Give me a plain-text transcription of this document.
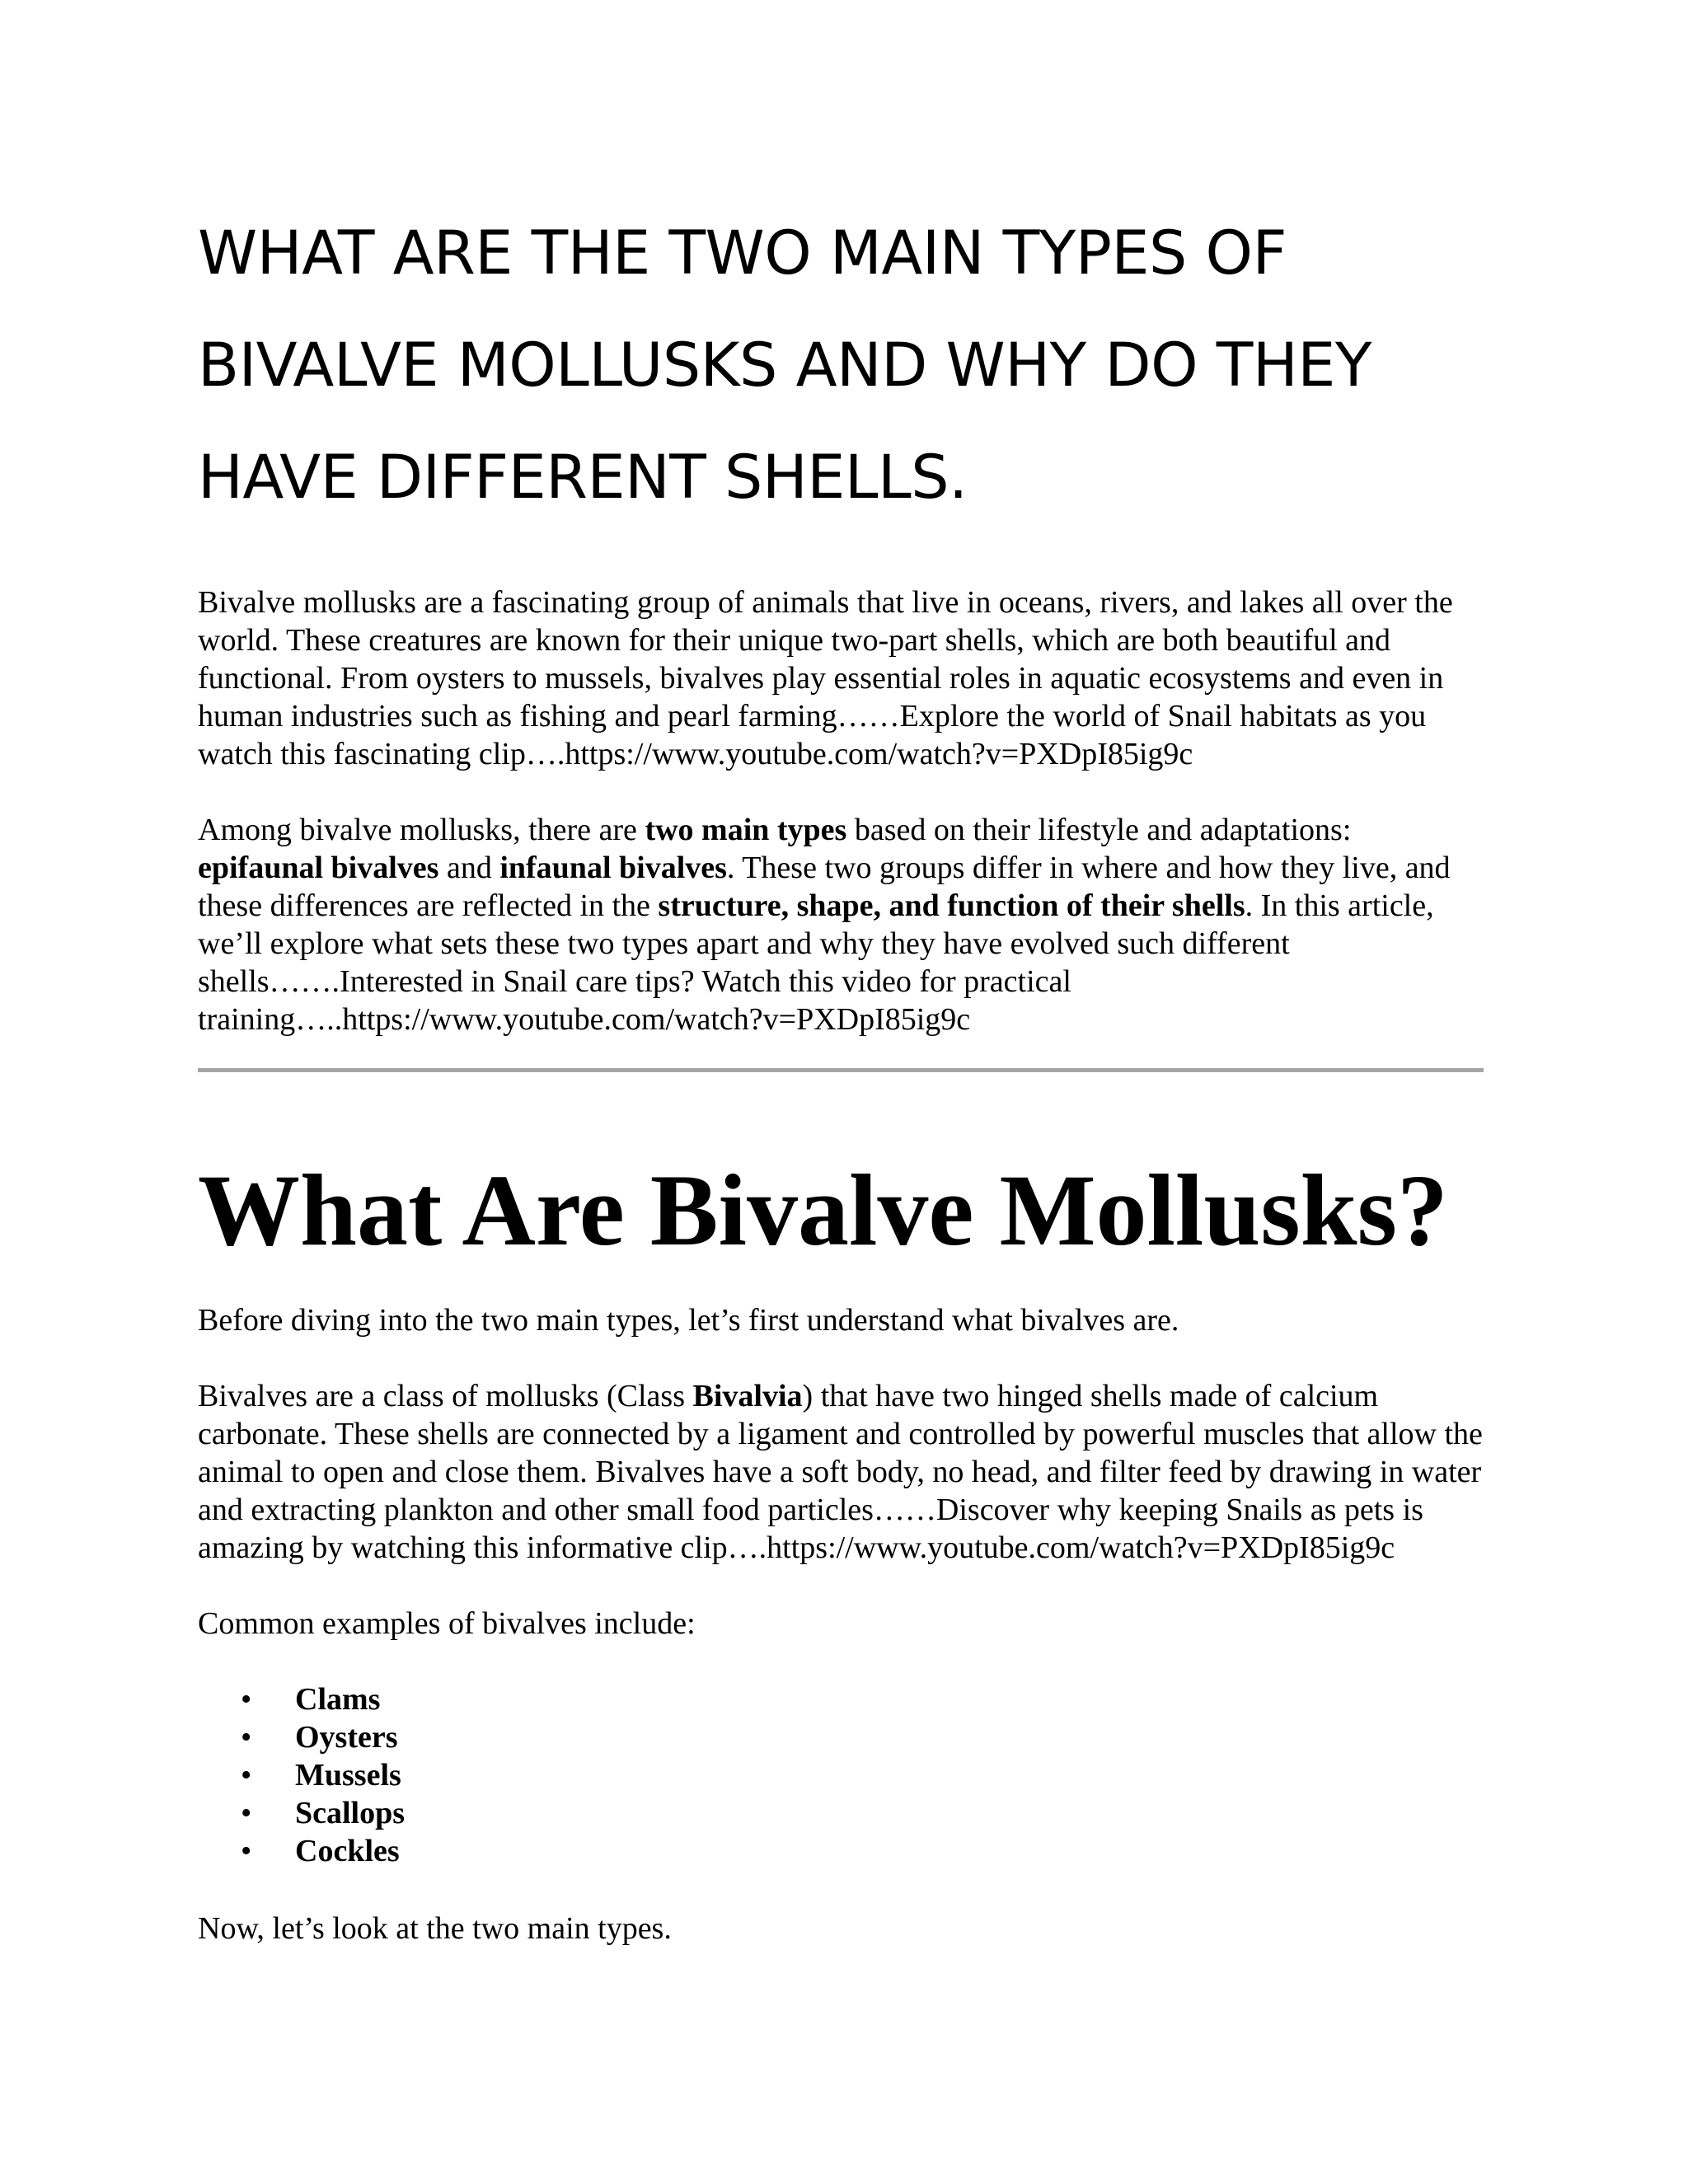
WHAT ARE THE TWO MAIN TYPES OF
BIVALVE MOLLUSKS AND WHY DO THEY
HAVE DIFFERENT SHELLS.

Bivalve mollusks are a fascinating group of animals that live in oceans, rivers, and lakes all over the world. These creatures are known for their unique two-part shells, which are both beautiful and functional. From oysters to mussels, bivalves play essential roles in aquatic ecosystems and even in human industries such as fishing and pearl farming……Explore the world of Snail habitats as you watch this fascinating clip….https://www.youtube.com/watch?v=PXDpI85ig9c

Among bivalve mollusks, there are two main types based on their lifestyle and adaptations: epifaunal bivalves and infaunal bivalves. These two groups differ in where and how they live, and these differences are reflected in the structure, shape, and function of their shells. In this article, we’ll explore what sets these two types apart and why they have evolved such different shells…….Interested in Snail care tips? Watch this video for practical training…..https://www.youtube.com/watch?v=PXDpI85ig9c

What Are Bivalve Mollusks?

Before diving into the two main types, let’s first understand what bivalves are.

Bivalves are a class of mollusks (Class Bivalvia) that have two hinged shells made of calcium carbonate. These shells are connected by a ligament and controlled by powerful muscles that allow the animal to open and close them. Bivalves have a soft body, no head, and filter feed by drawing in water and extracting plankton and other small food particles……Discover why keeping Snails as pets is amazing by watching this informative clip….https://www.youtube.com/watch?v=PXDpI85ig9c

Common examples of bivalves include:

• Clams
• Oysters
• Mussels
• Scallops
• Cockles

Now, let’s look at the two main types.
